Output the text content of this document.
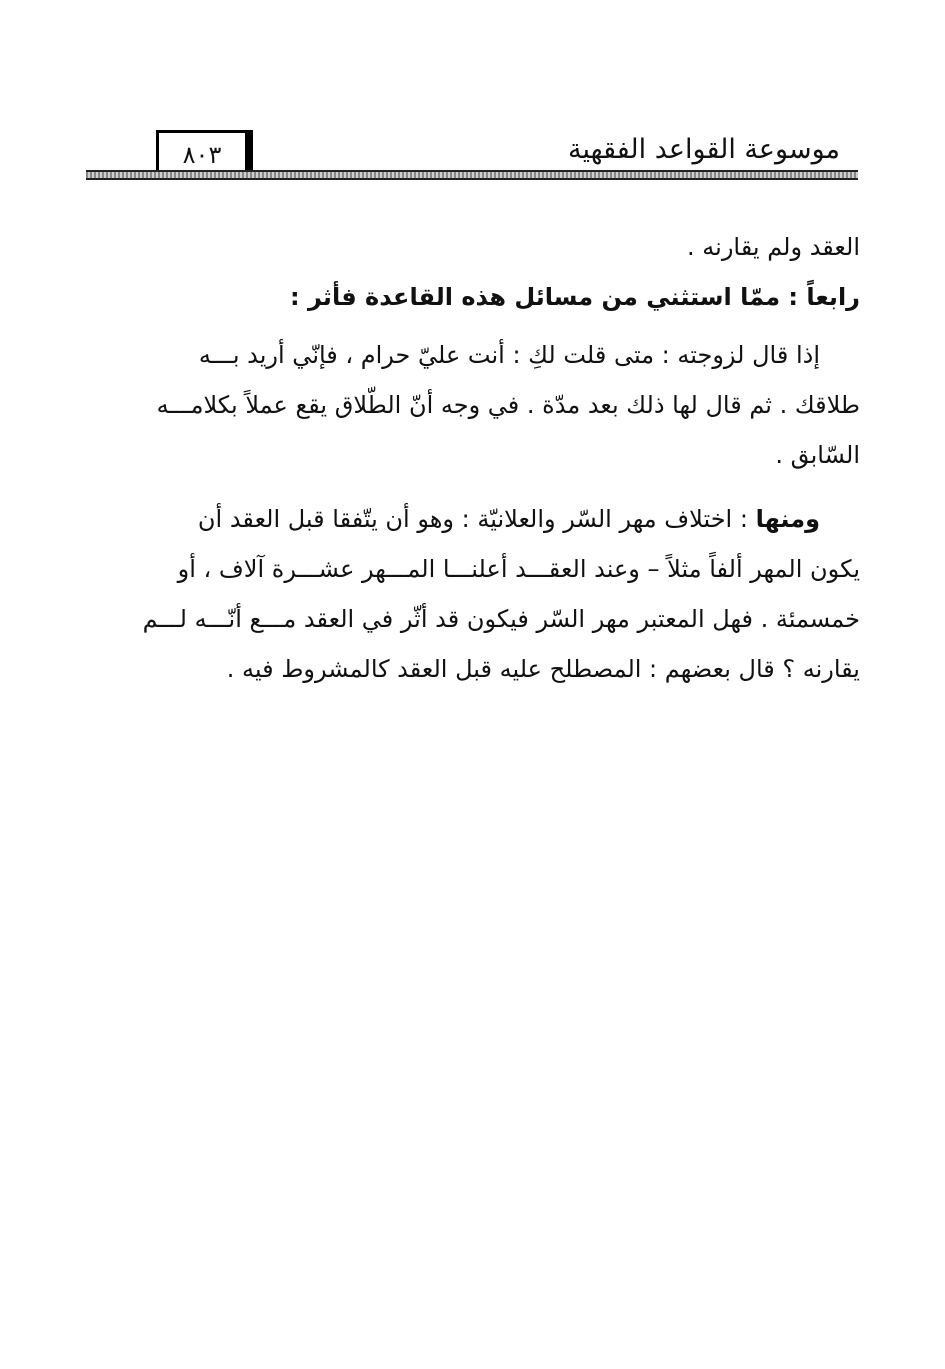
موسوعة القواعد الفقهية
٨٠٣
العقد ولم يقارنه .
رابعاً : ممّا استثني من مسائل هذه القاعدة فأثر :
إذا قال لزوجته : متى قلت لكِ : أنت عليّ حرام ، فإنّي أريد بـــه
طلاقك . ثم قال لها ذلك بعد مدّة . في وجه أنّ الطّلاق يقع عملاً بكلامـــه
السّابق .
ومنها : اختلاف مهر السّر والعلانيّة : وهو أن يتّفقا قبل العقد أن
يكون المهر ألفاً مثلاً – وعند العقـــد أعلنـــا المـــهر عشـــرة آلاف ، أو
خمسمئة . فهل المعتبر مهر السّر فيكون قد أثّر في العقد مـــع أنّـــه لـــم
يقارنه ؟ قال بعضهم : المصطلح عليه قبل العقد كالمشروط فيه .
